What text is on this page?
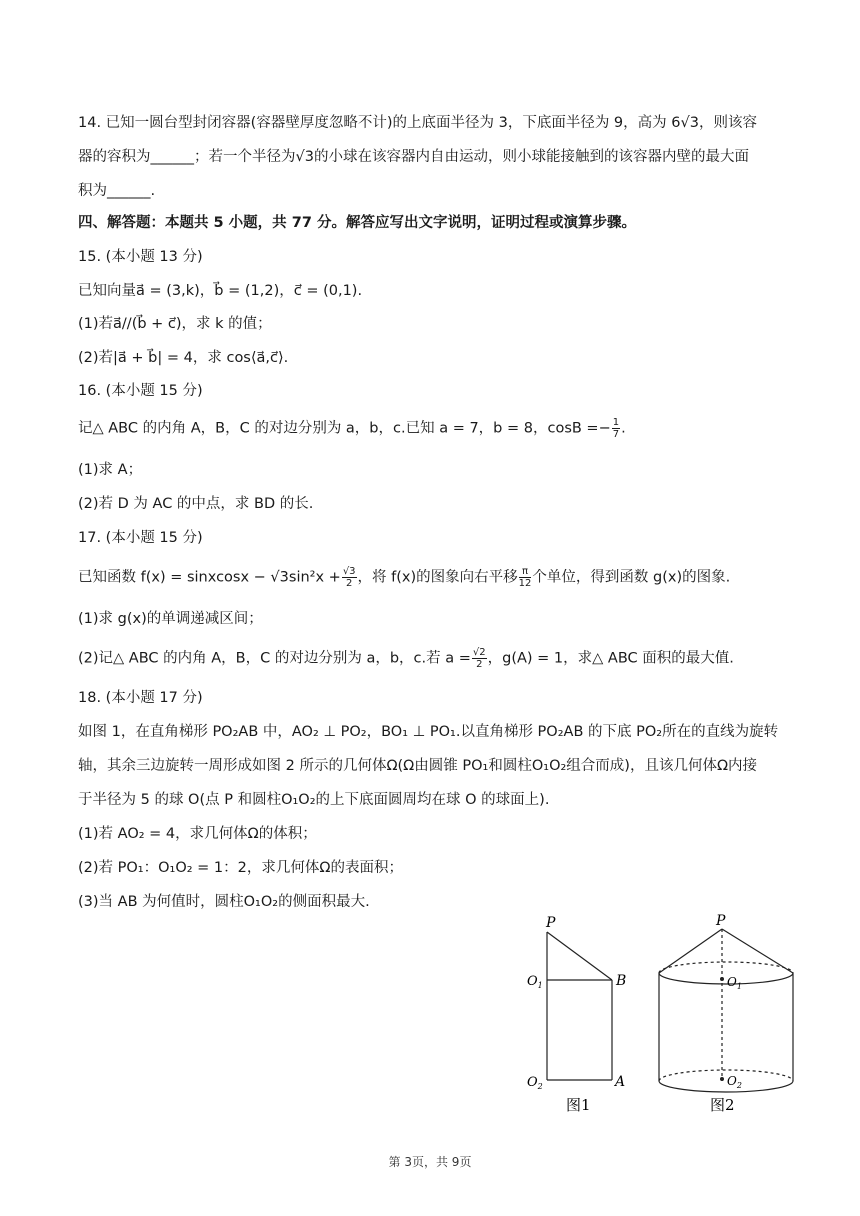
14. 已知一圆台型封闭容器(容器壁厚度忽略不计)的上底面半径为 3，下底面半径为 9，高为 6√3，则该容
器的容积为______；若一个半径为√3的小球在该容器内自由运动，则小球能接触到的该容器内壁的最大面
积为______.
四、解答题：本题共 5 小题，共 77 分。解答应写出文字说明，证明过程或演算步骤。
15. (本小题 13 分)
已知向量a⃗ = (3,k)，b⃗ = (1,2)，c⃗ = (0,1).
(1)若a⃗//(b⃗ + c⃗)，求 k 的值；
(2)若|a⃗ + b⃗| = 4，求 cos⟨a⃗,c⃗⟩.
16. (本小题 15 分)
记△ ABC 的内角 A，B，C 的对边分别为 a，b，c.已知 a = 7，b = 8，$\cos B =- \frac{1}{7}$ .
(1)求 A；
(2)若 D 为 AC 的中点，求 BD 的长.
17. (本小题 15 分)
已知函数 f(x) = sinxcosx − $√3\sin^2x + \frac{√3}{2}$ ，将 f(x)的图象向右平移 $\frac{\pi}{12}$ 个单位，得到函数 g(x)的图象.
(1)求 g(x)的单调递减区间；
(2)记△ ABC 的内角 A，B，C 的对边分别为 a，b，c.若 $a = \frac{√2}{2}$ ，g(A) = 1，求△ ABC 面积的最大值.
18. (本小题 17 分)
如图 1，在直角梯形 PO₂AB 中，AO₂ ⊥ PO₂，BO₁ ⊥ PO₁.以直角梯形 PO₂AB 的下底 PO₂所在的直线为旋转
轴，其余三边旋转一周形成如图 2 所示的几何体Ω(Ω由圆锥 PO₁和圆柱O₁O₂组合而成)，且该几何体Ω内接
于半径为 5 的球 O(点 P 和圆柱O₁O₂的上下底面圆周均在球 O 的球面上).
(1)若 AO₂ = 4，求几何体Ω的体积；
(2)若 PO₁：O₁O₂ = 1：2，求几何体Ω的表面积；
(3)当 AB 为何值时，圆柱O₁O₂的侧面积最大.
P
$O_1$	B
$O_2$	A
图1
P
$O_1$
$O_2$
图2
第 3页，共 9页
